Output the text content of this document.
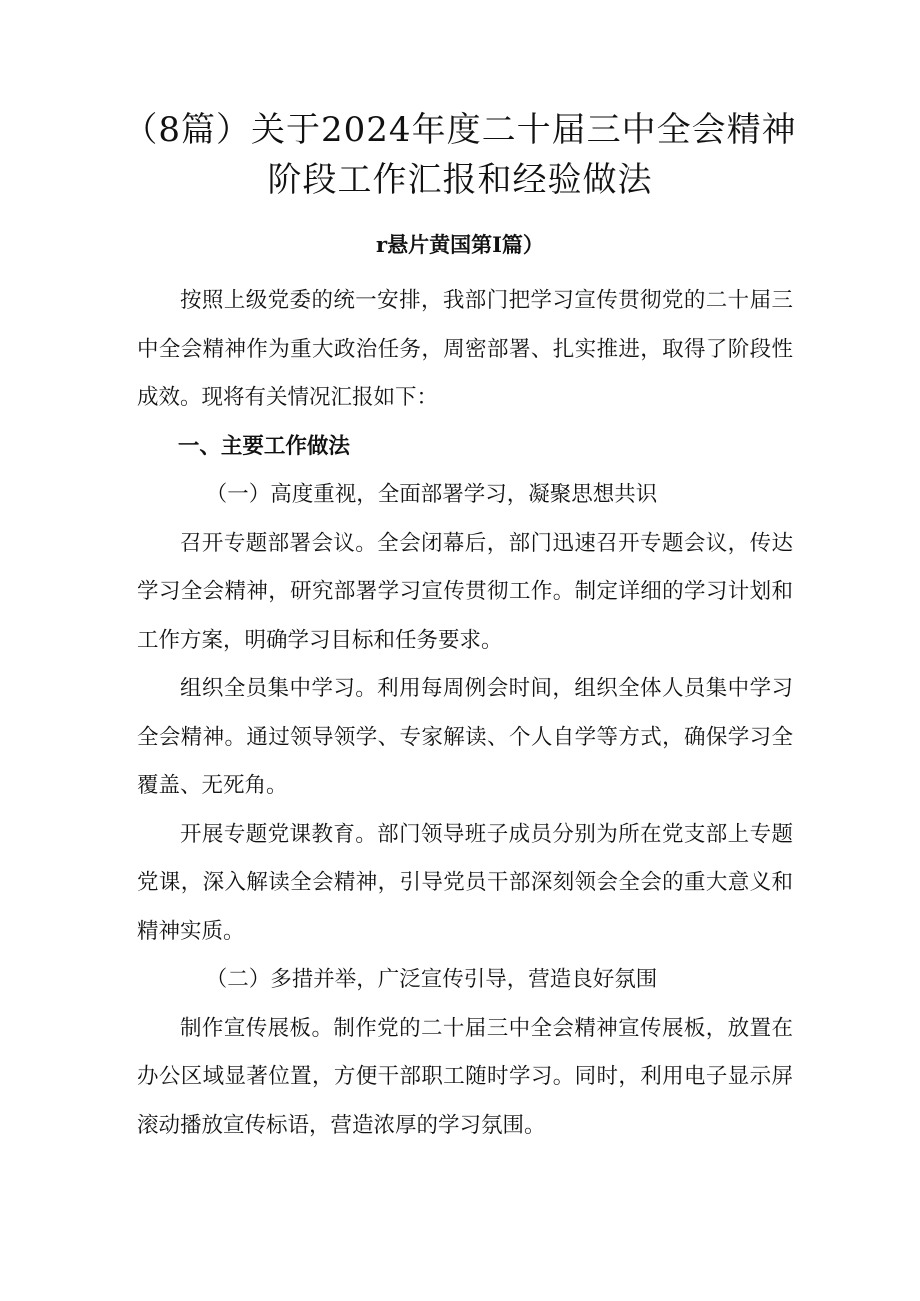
（8篇）关于2024年度二十届三中全会精神
阶段工作汇报和经验做法
r悬片黄国第I篇）

按照上级党委的统一安排，我部门把学习宣传贯彻党的二十届三中全会精神作为重大政治任务，周密部署、扎实推进，取得了阶段性成效。现将有关情况汇报如下：

一、主要工作做法

（一）高度重视，全面部署学习，凝聚思想共识

召开专题部署会议。全会闭幕后，部门迅速召开专题会议，传达学习全会精神，研究部署学习宣传贯彻工作。制定详细的学习计划和工作方案，明确学习目标和任务要求。

组织全员集中学习。利用每周例会时间，组织全体人员集中学习全会精神。通过领导领学、专家解读、个人自学等方式，确保学习全覆盖、无死角。

开展专题党课教育。部门领导班子成员分别为所在党支部上专题党课，深入解读全会精神，引导党员干部深刻领会全会的重大意义和精神实质。

（二）多措并举，广泛宣传引导，营造良好氛围

制作宣传展板。制作党的二十届三中全会精神宣传展板，放置在办公区域显著位置，方便干部职工随时学习。同时，利用电子显示屏滚动播放宣传标语，营造浓厚的学习氛围。
